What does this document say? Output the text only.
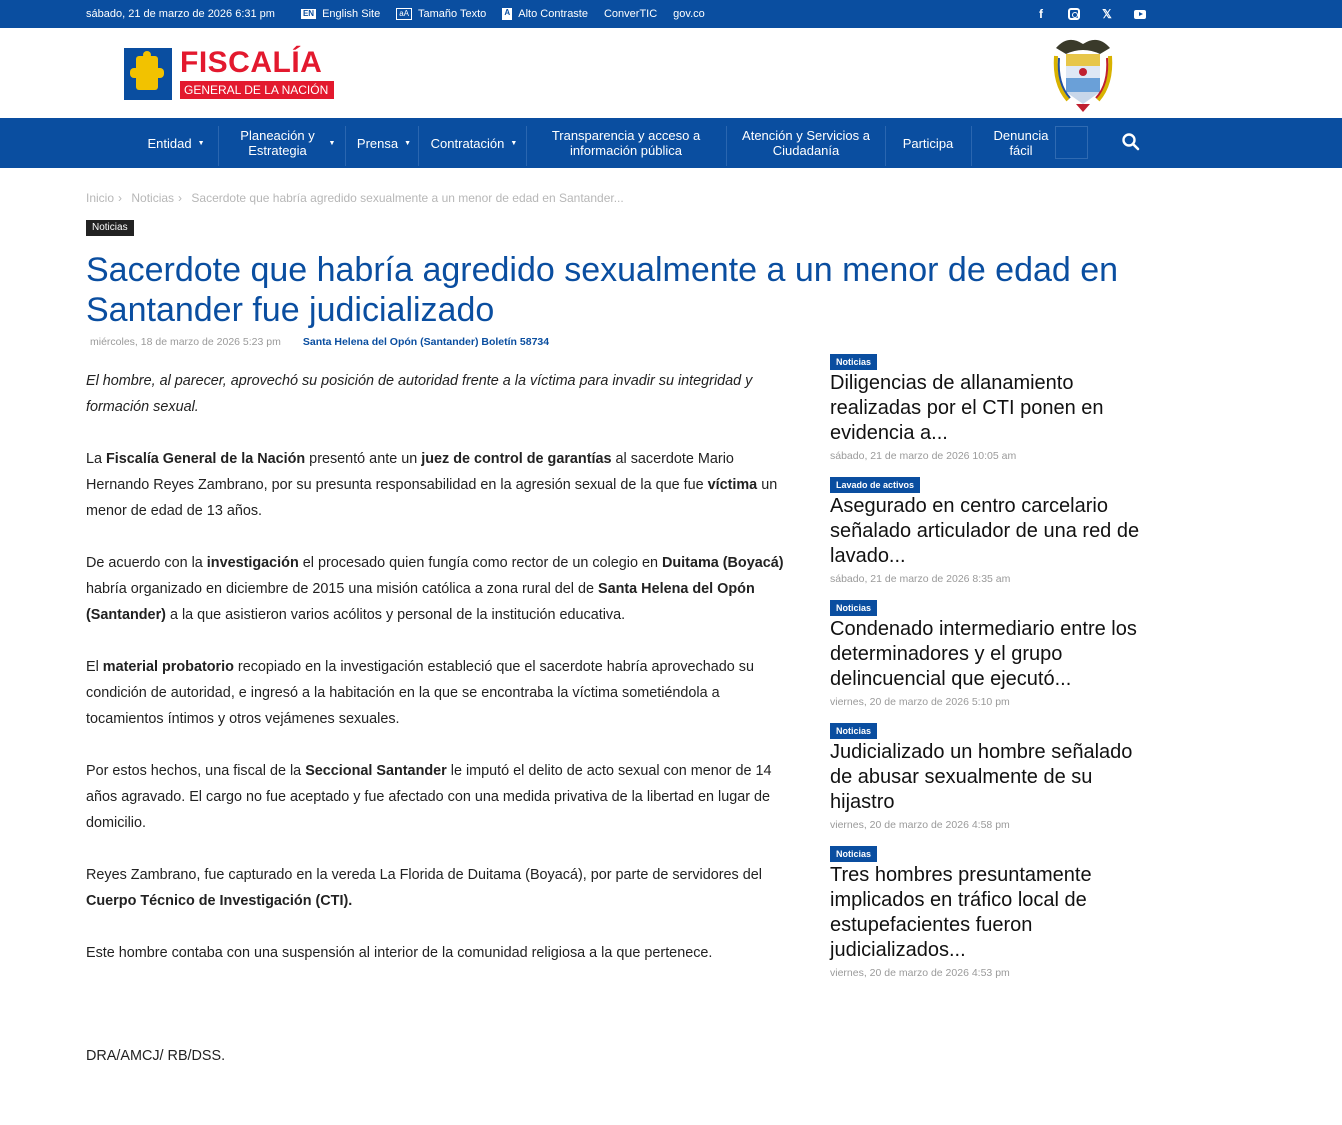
sábado, 21 de marzo de 2026 6:31 pm	EN English Site	aA Tamaño Texto A Alto Contraste ConverTIC gov.co	f	𝕏
FISCALÍA
GENERAL DE LA NACIÓN
Entidad ▼	Planeación y Estrategia	▼ Prensa ▼ Contratación ▼	Transparencia y acceso a información pública
Atención y Servicios a Ciudadanía	Participa	Denuncia fácil
Inicio › Noticias › Sacerdote que habría agredido sexualmente a un menor de edad en Santander...
Noticias
Sacerdote que habría agredido sexualmente a un menor de edad en Santander fue judicializado
miércoles, 18 de marzo de 2026 5:23 pm Santa Helena del Opón (Santander) Boletín 58734

El hombre, al parecer, aprovechó su posición de autoridad frente a la víctima para invadir su integridad y formación sexual.

La Fiscalía General de la Nación presentó ante un juez de control de garantías al sacerdote Mario Hernando Reyes Zambrano, por su presunta responsabilidad en la agresión sexual de la que fue víctima un menor de edad de 13 años.

De acuerdo con la investigación el procesado quien fungía como rector de un colegio en Duitama (Boyacá) habría organizado en diciembre de 2015 una misión católica a zona rural del de Santa Helena del Opón (Santander) a la que asistieron varios acólitos y personal de la institución educativa.

El material probatorio recopiado en la investigación estableció que el sacerdote habría aprovechado su condición de autoridad, e ingresó a la habitación en la que se encontraba la víctima sometiéndola a tocamientos íntimos y otros vejámenes sexuales.

Por estos hechos, una fiscal de la Seccional Santander le imputó el delito de acto sexual con menor de 14 años agravado. El cargo no fue aceptado y fue afectado con una medida privativa de la libertad en lugar de domicilio.

Reyes Zambrano, fue capturado en la vereda La Florida de Duitama (Boyacá), por parte de servidores del Cuerpo Técnico de Investigación (CTI).

Este hombre contaba con una suspensión al interior de la comunidad religiosa a la que pertenece.

DRA/AMCJ/ RB/DSS.
Noticias
Diligencias de allanamiento realizadas por el CTI ponen en evidencia a...
sábado, 21 de marzo de 2026 10:05 am
Lavado de activos
Asegurado en centro carcelario señalado articulador de una red de lavado...
sábado, 21 de marzo de 2026 8:35 am
Noticias
Condenado intermediario entre los determinadores y el grupo delincuencial que ejecutó...
viernes, 20 de marzo de 2026 5:10 pm
Noticias
Judicializado un hombre señalado de abusar sexualmente de su hijastro
viernes, 20 de marzo de 2026 4:58 pm
Noticias
Tres hombres presuntamente implicados en tráfico local de estupefacientes fueron judicializados...
viernes, 20 de marzo de 2026 4:53 pm
